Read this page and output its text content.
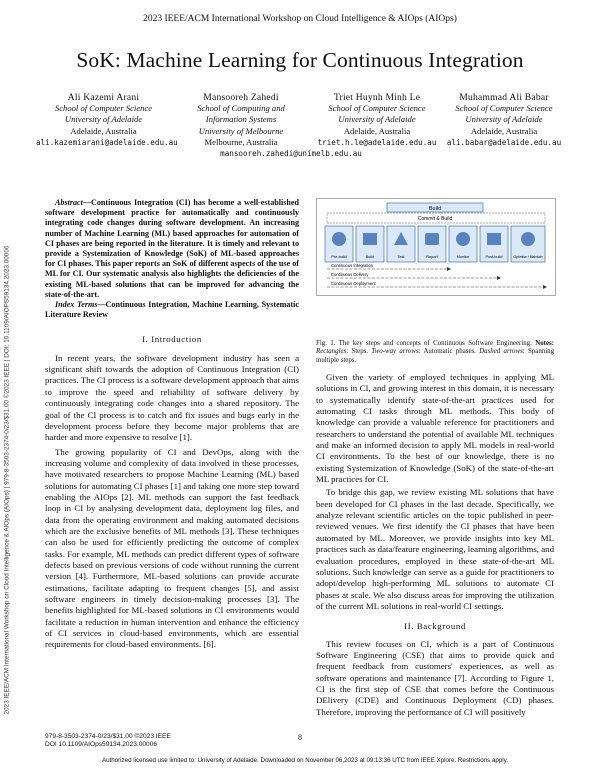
2023 IEEE/ACM International Workshop on Cloud Intelligence & AIOps (AIOps)
SoK: Machine Learning for Continuous Integration
Ali Kazemi Arani
School of Computer Science
University of Adelaide
Adelaide, Australia
ali.kazemiarani@adelaide.edu.au
Mansooreh Zahedi
School of Computing and
Information Systems
University of Melbourne
Melbourne, Australia
mansooreh.zahedi@unimelb.edu.au
Triet Huynh Minh Le
School of Computer Science
University of Adelaide
Adelaide, Australia
triet.h.le@adelaide.edu.au
Muhammad Ali Babar
School of Computer Science
University of Adelaide
Adelaide, Australia
ali.babar@adelaide.edu.au
2023 IEEE/ACM International Workshop on Cloud Intelligence & AIOps (AIOps) | 979-8-3503-2374-0/23/$31.00 ©2023 IEEE | DOI: 10.1109/AIOPS59134.2023.00006

Abstract—Continuous Integration (CI) has become a well-established software development practice for automatically and continuously integrating code changes during software development. An increasing number of Machine Learning (ML) based approaches for automation of CI phases are being reported in the literature. It is timely and relevant to provide a Systemization of Knowledge (SoK) of ML-based approaches for CI phases. This paper reports an SoK of different aspects of the use of ML for CI. Our systematic analysis also highlights the deficiencies of the existing ML-based solutions that can be improved for advancing the state-of-the-art.

Index Terms—Continuous Integration, Machine Learning, Systematic Literature Review

I. Introduction

In recent years, the software development industry has seen a significant shift towards the adoption of Continuous Integration (CI) practices. The CI process is a software development approach that aims to improve the speed and reliability of software delivery by continuously integrating code changes into a shared repository. The goal of the CI process is to catch and fix issues and bugs early in the development process before they become major problems that are harder and more expensive to resolve [1].

The growing popularity of CI and DevOps, along with the increasing volume and complexity of data involved in these processes, have motivated researchers to propose Machine Learning (ML) based solutions for automating CI phases [1] and taking one more step toward enabling the AIOps [2]. ML methods can support the fast feedback loop in CI by analysing development data, deployment log files, and data from the operating environment and making automated decisions which are the exclusive benefits of ML methods [3]. These techniques can also be used for efficiently predicting the outcome of complex tasks. For example, ML methods can predict different types of software defects based on previous versions of code without running the current version [4]. Furthermore, ML-based solutions can provide accurate estimations, facilitate adapting to frequent changes [5], and assist software engineers in timely decision-making processes [3]. The benefits highlighted for ML-based solutions in CI environments would facilitate a reduction in human intervention and enhance the efficiency of CI services in cloud-based environments, which are essential requirements for cloud-based environments. [6].

Build
Commit & Build
Pre-build	Build	Test	Report	Monitor	Post-build	Optimise / Maintain
Continuous Integration
Continuous Delivery
Continuous Deployment
Fig. 1. The key steps and concepts of Continuous Software Engineering. Notes: Rectangles: Steps. Two-way arrows: Automatic phases. Dashed arrows: Spanning multiple steps.

Given the variety of employed techniques in applying ML solutions in CI, and growing interest in this domain, it is necessary to systematically identify state-of-the-art practices used for automating CI tasks through ML methods. This body of knowledge can provide a valuable reference for practitioners and researchers to understand the potential of available ML techniques and make an informed decision to apply ML models in real-world CI environments. To the best of our knowledge, there is no existing Systemization of Knowledge (SoK) of the state-of-the-art ML practices for CI.

To bridge this gap, we review existing ML solutions that have been developed for CI phases in the last decade. Specifically, we analyze relevant scientific articles on the topic published in peer-reviewed venues. We first identify the CI phases that have been automated by ML. Moreover, we provide insights into key ML practices such as data/feature engineering, learning algorithms, and evaluation procedures, employed in these state-of-the-art ML solutions. Such knowledge can serve as a guide for practitioners to adopt/develop high-performing ML solutions to automate CI phases at scale. We also discuss areas for improving the utilization of the current ML solutions in real-world CI settings.

II. Background

This review focuses on CI, which is a part of Continuous Software Engineering (CSE) that aims to provide quick and frequent feedback from customers' experiences, as well as software operations and maintenance [7]. According to Figure 1, CI is the first step of CSE that comes before the Continuous DElivery (CDE) and Continuous Deployment (CD) phases. Therefore, improving the performance of CI will positively

979-8-3503-2374-0/23/$31.00 ©2023 IEEE
DOI 10.1109/AIOps59134.2023.00006
8
Authorized licensed use limited to: University of Adelaide. Downloaded on November 06,2023 at 09:13:36 UTC from IEEE Xplore. Restrictions apply.
